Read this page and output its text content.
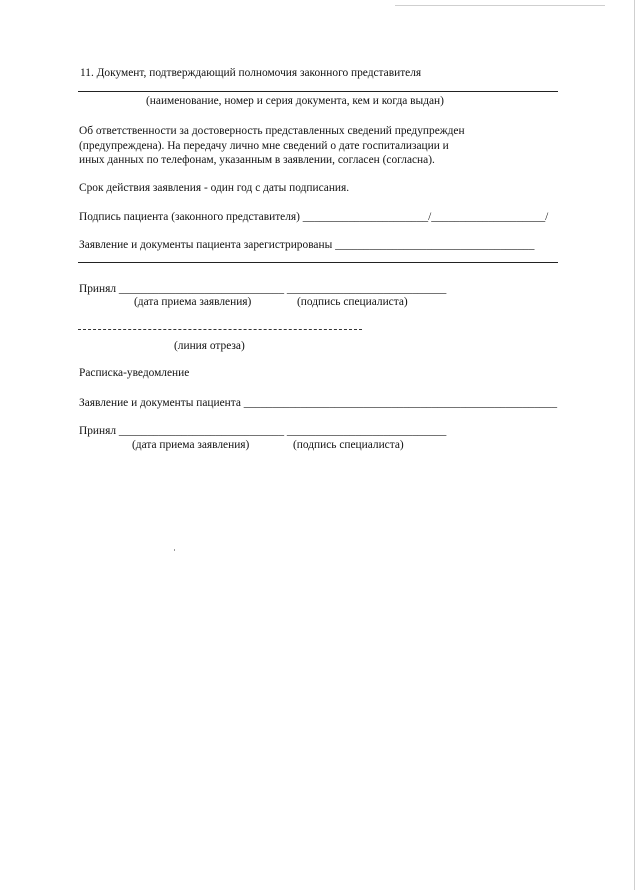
11. Документ, подтверждающий полномочия законного представителя
(наименование, номер и серия документа, кем и когда выдан)
Об ответственности за достоверность представленных сведений предупрежден
(предупреждена). На передачу лично мне сведений о дате госпитализации и
иных данных по телефонам, указанным в заявлении, согласен (согласна).
Срок действия заявления - один год с даты подписания.
Подпись пациента (законного представителя) ______________________/____________________/
Заявление и документы пациента зарегистрированы ___________________________________
Принял _____________________________ ____________________________
(дата приема заявления)	(подпись специалиста)
(линия отреза)
Расписка-уведомление
Заявление и документы пациента _______________________________________________________
Принял _____________________________ ____________________________
(дата приема заявления)	(подпись специалиста)
